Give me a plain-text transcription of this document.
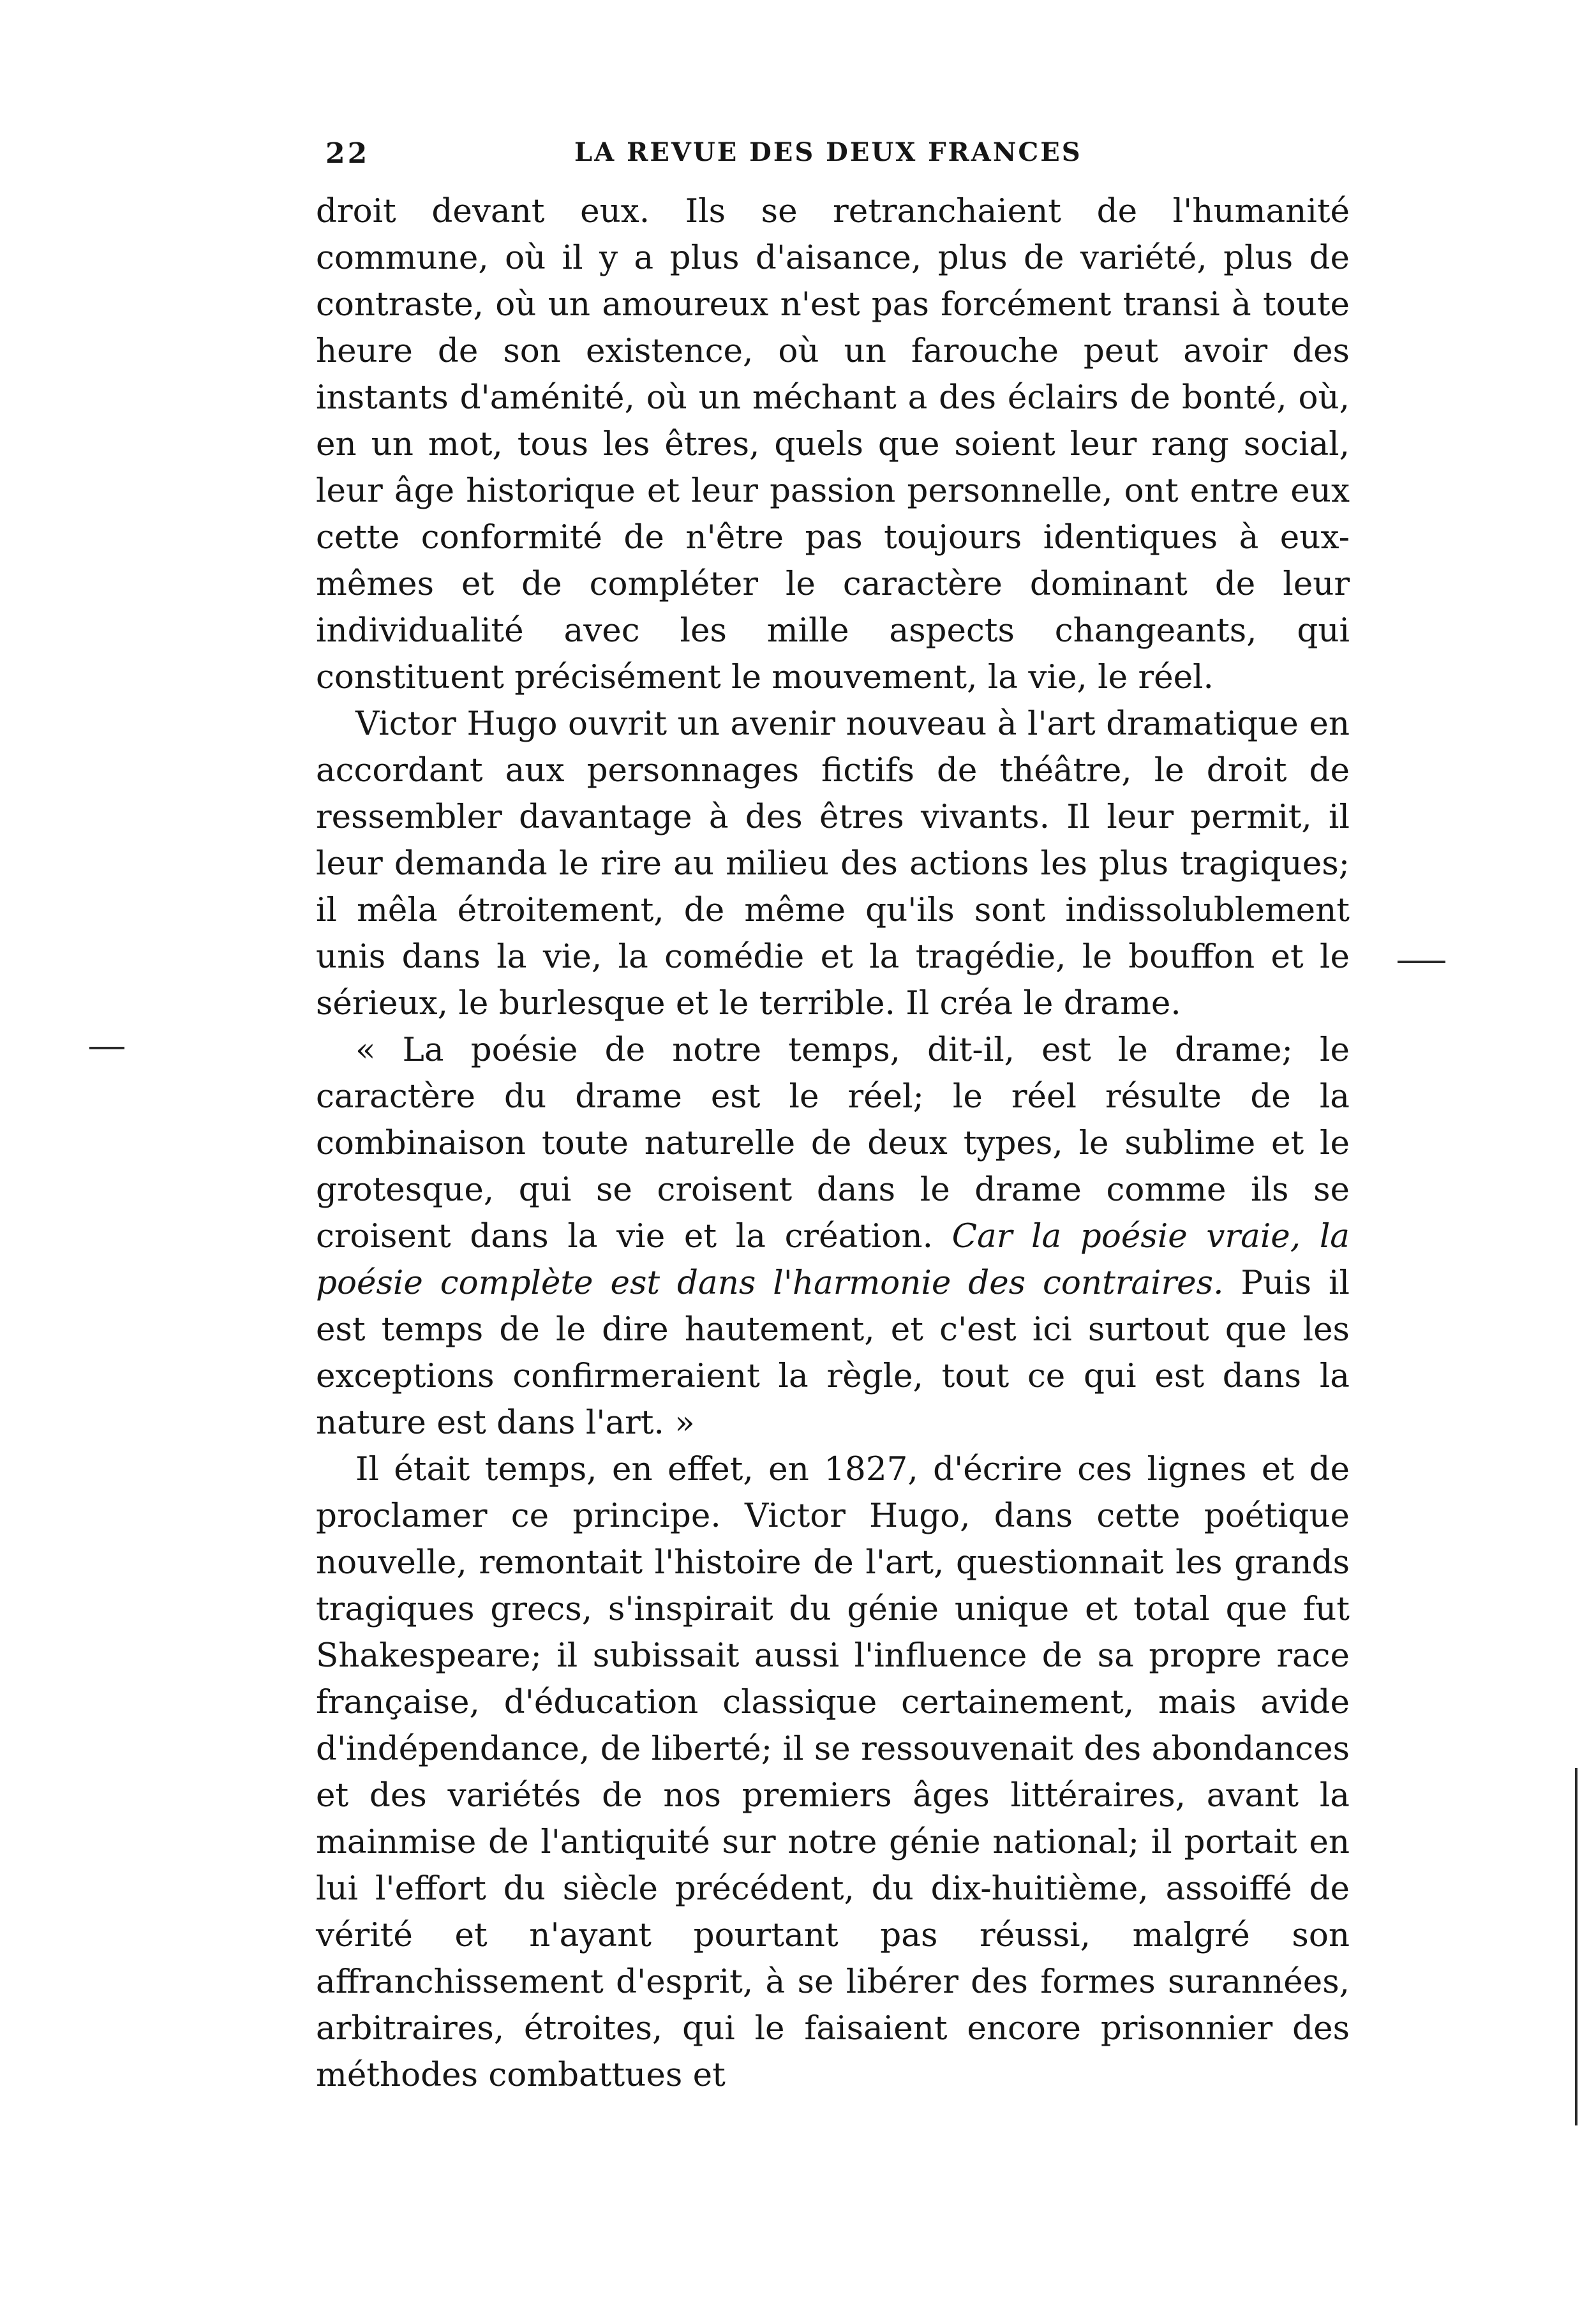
22	LA REVUE DES DEUX FRANCES

droit devant eux. Ils se retranchaient de l'humanité commune, où il y a plus d'aisance, plus de variété, plus de contraste, où un amoureux n'est pas forcément transi à toute heure de son existence, où un farouche peut avoir des instants d'aménité, où un méchant a des éclairs de bonté, où, en un mot, tous les êtres, quels que soient leur rang social, leur âge historique et leur passion personnelle, ont entre eux cette conformité de n'être pas toujours identiques à eux-mêmes et de compléter le caractère dominant de leur individualité avec les mille aspects changeants, qui constituent précisément le mouvement, la vie, le réel.

Victor Hugo ouvrit un avenir nouveau à l'art dramatique en accordant aux personnages fictifs de théâtre, le droit de ressembler davantage à des êtres vivants. Il leur permit, il leur demanda le rire au milieu des actions les plus tragiques; il mêla étroitement, de même qu'ils sont indissolublement unis dans la vie, la comédie et la tragédie, le bouffon et le sérieux, le burlesque et le terrible. Il créa le drame.

« La poésie de notre temps, dit-il, est le drame; le caractère du drame est le réel; le réel résulte de la combinaison toute naturelle de deux types, le sublime et le grotesque, qui se croisent dans le drame comme ils se croisent dans la vie et la création. Car la poésie vraie, la poésie complète est dans l'harmonie des contraires. Puis il est temps de le dire hautement, et c'est ici surtout que les exceptions confirmeraient la règle, tout ce qui est dans la nature est dans l'art. »

Il était temps, en effet, en 1827, d'écrire ces lignes et de proclamer ce principe. Victor Hugo, dans cette poétique nouvelle, remontait l'histoire de l'art, questionnait les grands tragiques grecs, s'inspirait du génie unique et total que fut Shakespeare; il subissait aussi l'influence de sa propre race française, d'éducation classique certainement, mais avide d'indépendance, de liberté; il se ressouvenait des abondances et des variétés de nos premiers âges littéraires, avant la mainmise de l'antiquité sur notre génie national; il portait en lui l'effort du siècle précédent, du dix-huitième, assoiffé de vérité et n'ayant pourtant pas réussi, malgré son affranchissement d'esprit, à se libérer des formes surannées, arbitraires, étroites, qui le faisaient encore prisonnier des méthodes combattues et
